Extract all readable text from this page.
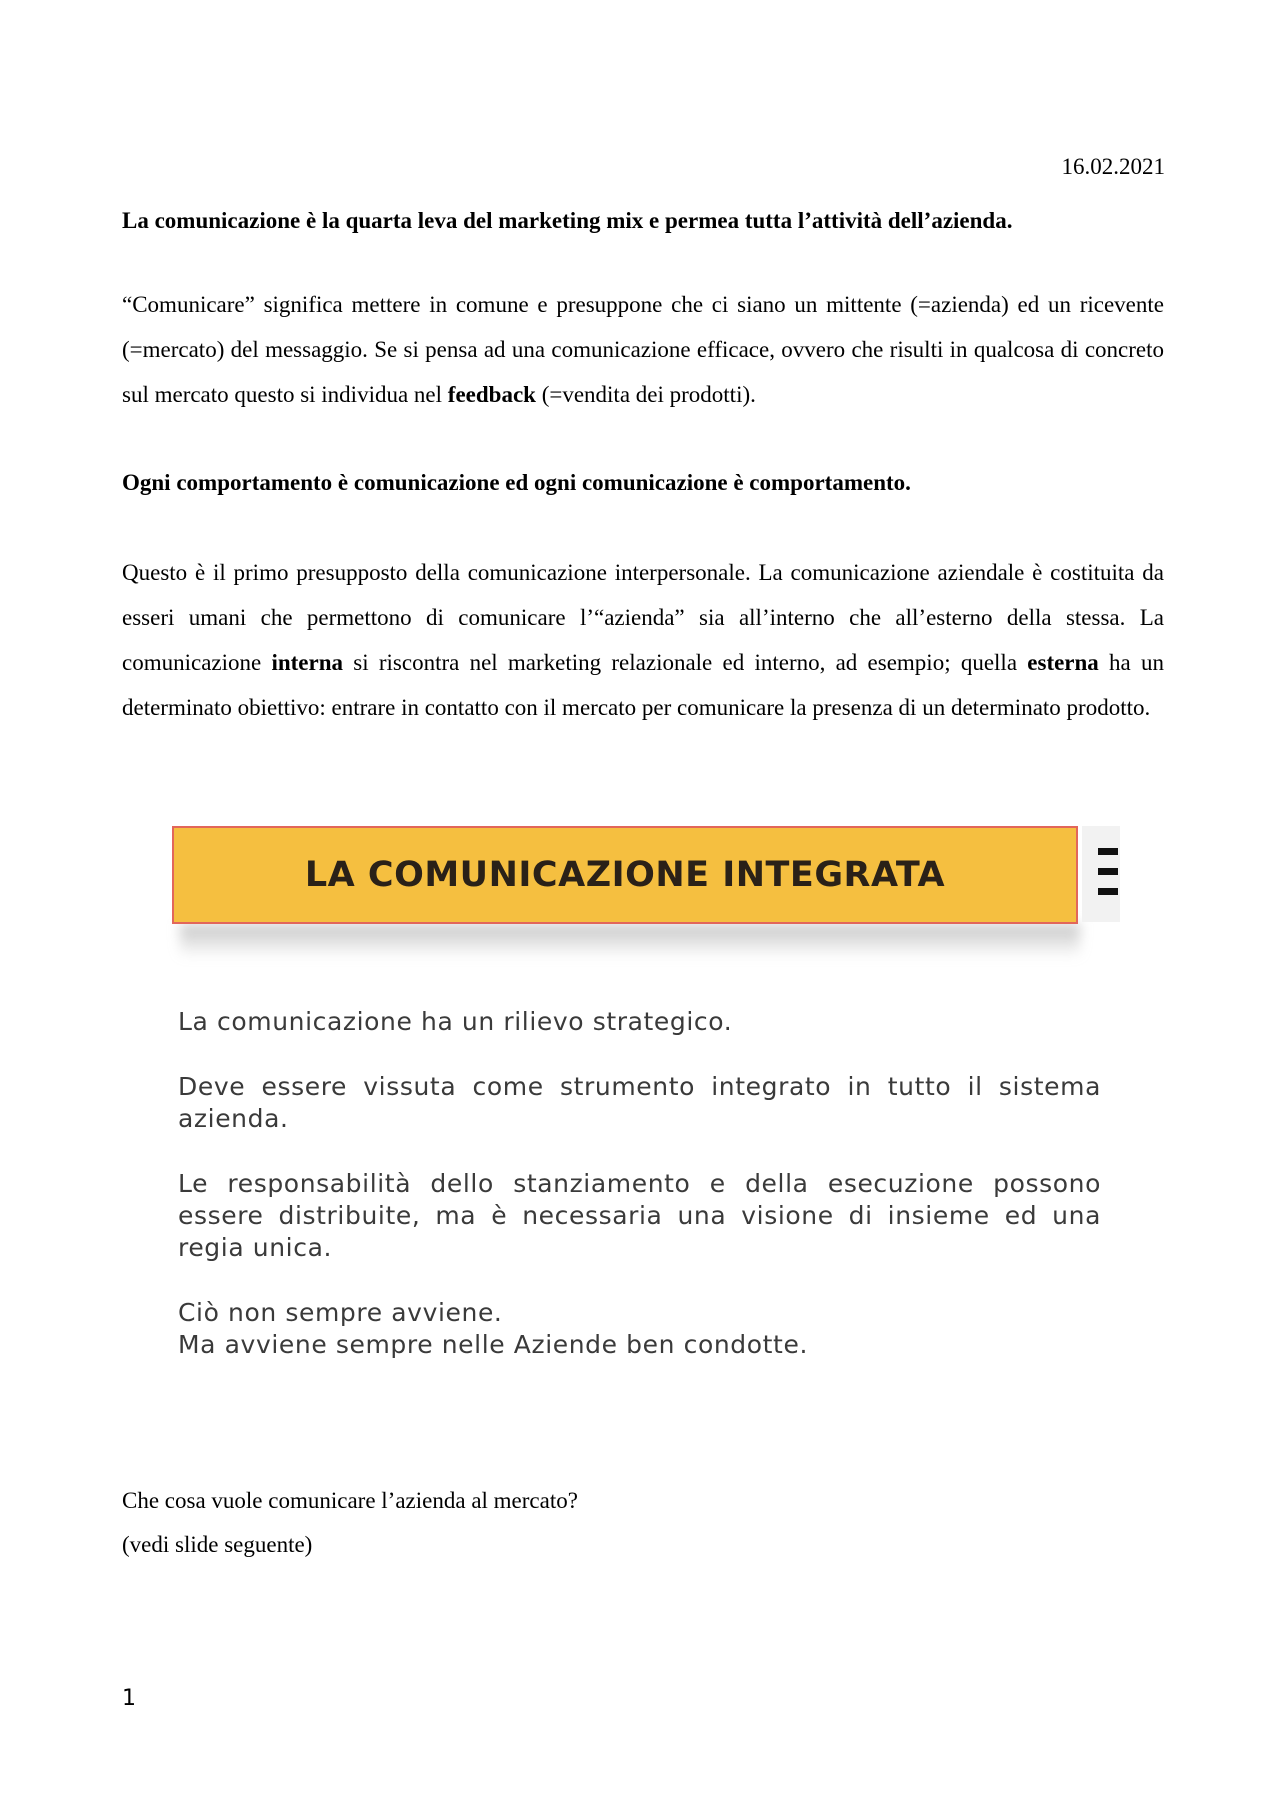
16.02.2021
La comunicazione è la quarta leva del marketing mix e permea tutta l’attività dell’azienda.
“Comunicare” significa mettere in comune e presuppone che ci siano un mittente (=azienda) ed un ricevente (=mercato) del messaggio. Se si pensa ad una comunicazione efficace, ovvero che risulti in qualcosa di concreto sul mercato questo si individua nel feedback (=vendita dei prodotti).
Ogni comportamento è comunicazione ed ogni comunicazione è comportamento.
Questo è il primo presupposto della comunicazione interpersonale. La comunicazione aziendale è costituita da esseri umani che permettono di comunicare l’“azienda” sia all’interno che all’esterno della stessa. La comunicazione interna si riscontra nel marketing relazionale ed interno, ad esempio; quella esterna ha un determinato obiettivo: entrare in contatto con il mercato per comunicare la presenza di un determinato prodotto.
LA COMUNICAZIONE INTEGRATA
La comunicazione ha un rilievo strategico.
Deve essere vissuta come strumento integrato in tutto il sistema azienda.
Le responsabilità dello stanziamento e della esecuzione possono essere distribuite, ma è necessaria una visione di insieme ed una regia unica.
Ciò non sempre avviene.
Ma avviene sempre nelle Aziende ben condotte.
Che cosa vuole comunicare l’azienda al mercato?
(vedi slide seguente)
1
